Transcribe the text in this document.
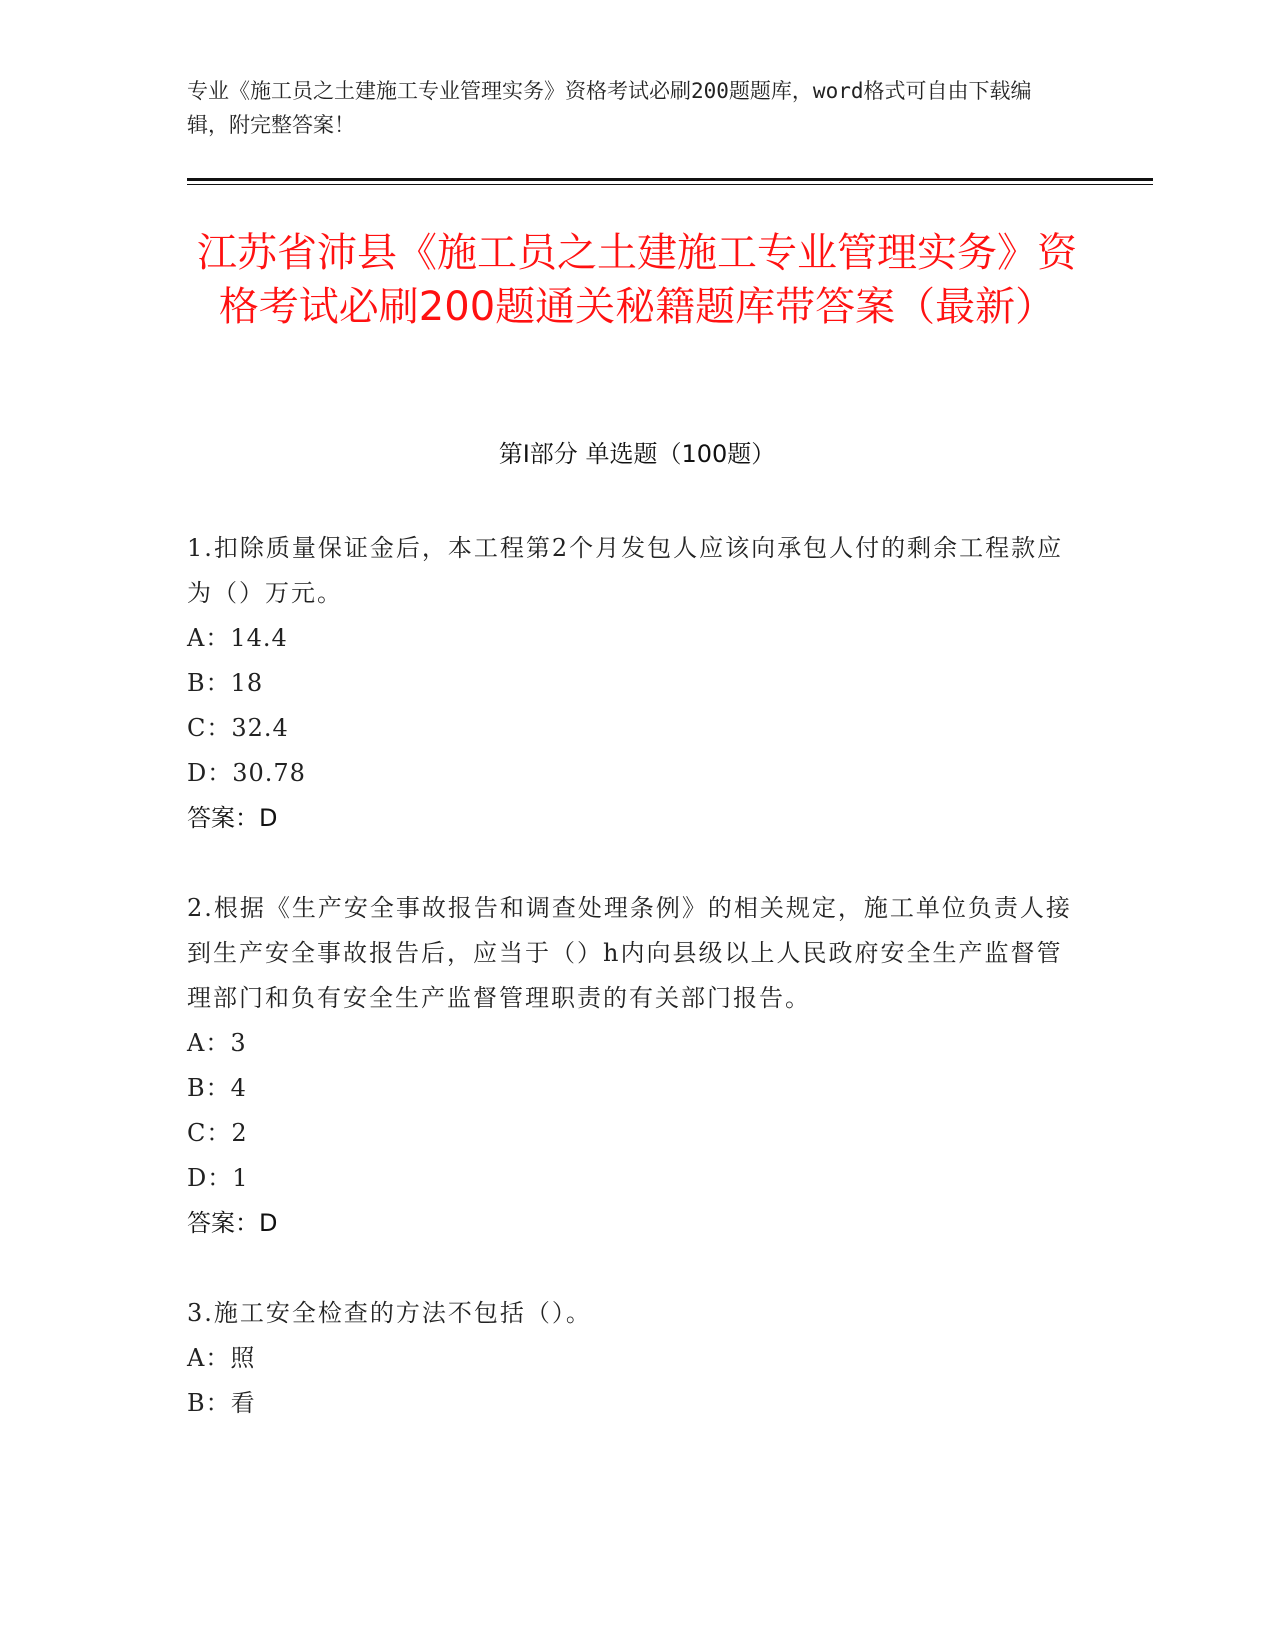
专业《施工员之土建施工专业管理实务》资格考试必刷200题题库，word格式可自由下载编辑，附完整答案！
江苏省沛县《施工员之土建施工专业管理实务》资格考试必刷200题通关秘籍题库带答案（最新）
第I部分 单选题（100题）

1.扣除质量保证金后，本工程第2个月发包人应该向承包人付的剩余工程款应为（）万元。

A：14.4

B：18

C：32.4

D：30.78

答案：D

2.根据《生产安全事故报告和调查处理条例》的相关规定，施工单位负责人接到生产安全事故报告后，应当于（）h内向县级以上人民政府安全生产监督管理部门和负有安全生产监督管理职责的有关部门报告。

A：3

B：4

C：2

D：1

答案：D

3.施工安全检查的方法不包括（）。

A：照

B：看
